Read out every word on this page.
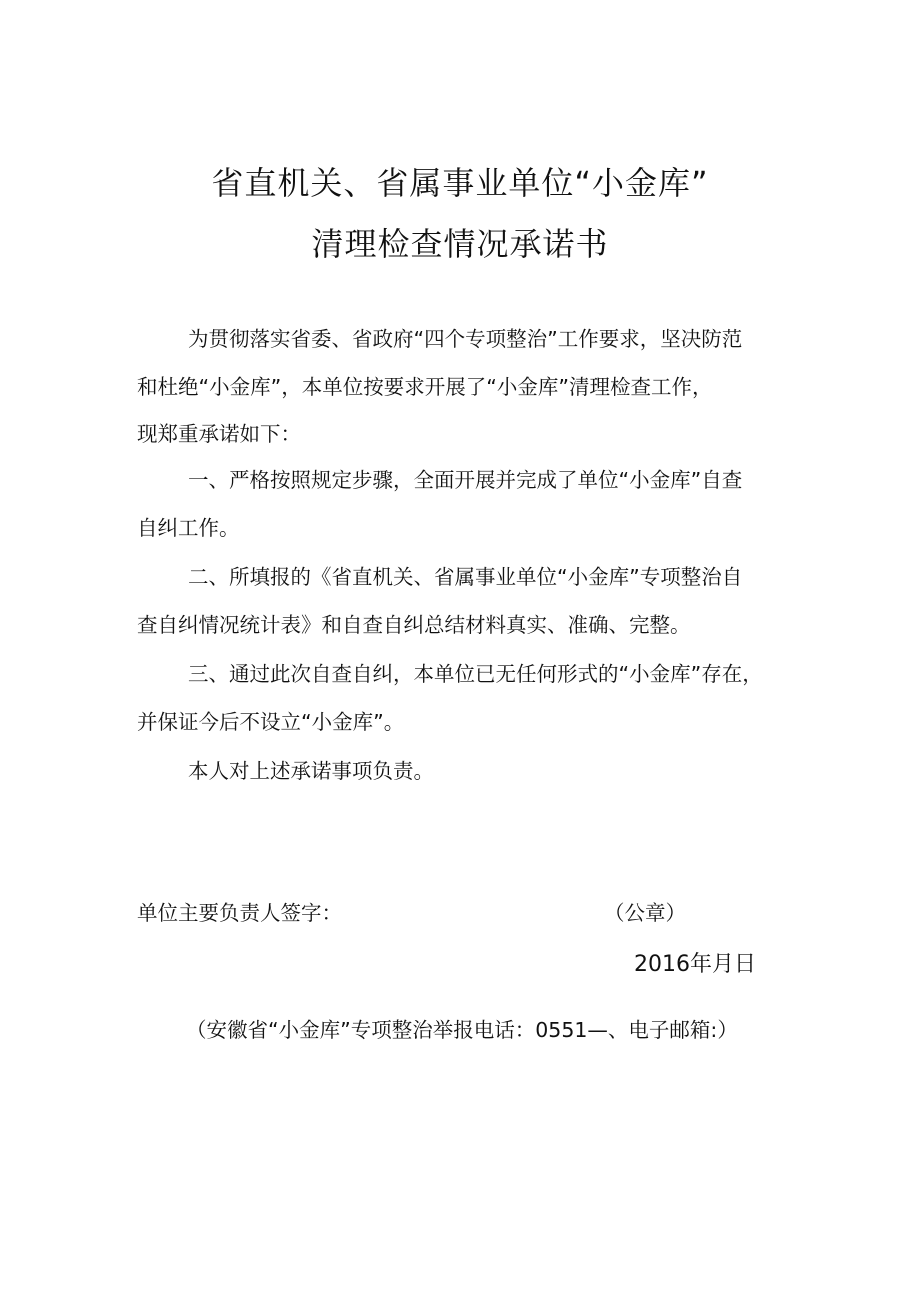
省直机关、省属事业单位“小金库”
清理检查情况承诺书
为贯彻落实省委、省政府“四个专项整治”工作要求，坚决防范
和杜绝“小金库”，本单位按要求开展了“小金库”清理检查工作，
现郑重承诺如下：
一、严格按照规定步骤，全面开展并完成了单位“小金库”自查
自纠工作。
二、所填报的《省直机关、省属事业单位“小金库”专项整治自
查自纠情况统计表》和自查自纠总结材料真实、准确、完整。
三、通过此次自查自纠，本单位已无任何形式的“小金库”存在，
并保证今后不设立“小金库”。
本人对上述承诺事项负责。
单位主要负责人签字：	（公章）
2016年月日
（安徽省“小金库”专项整治举报电话：0551—、电子邮箱:）
